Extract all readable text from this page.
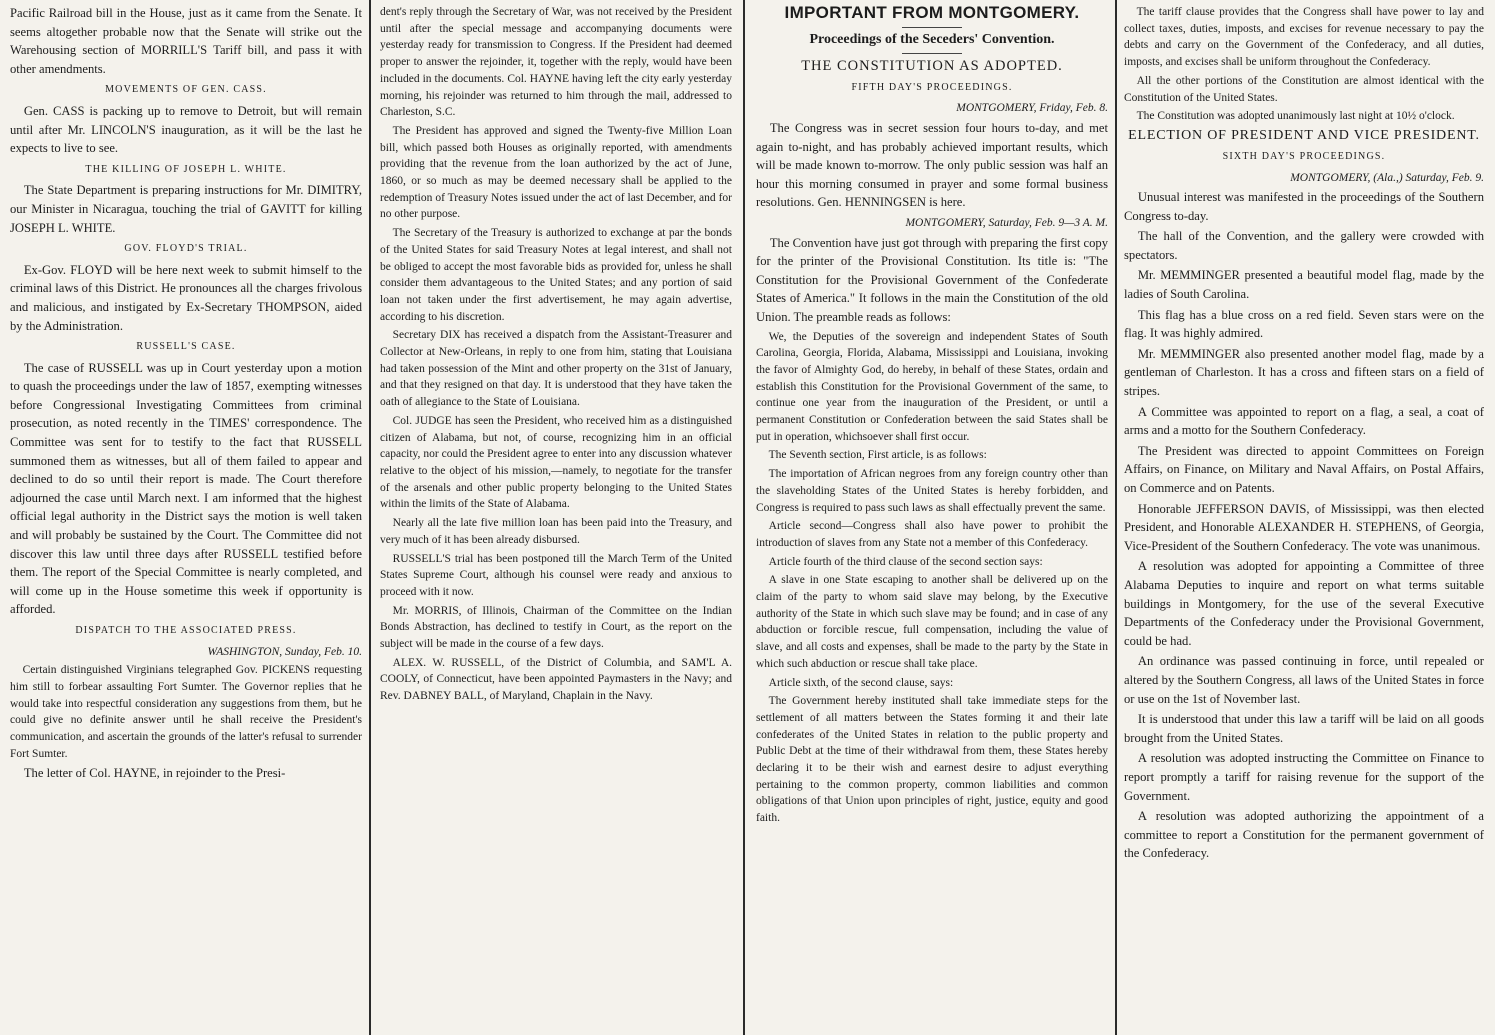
Pacific Railroad bill in the House, just as it came from the Senate. It seems altogether probable now that the Senate will strike out the Warehousing section of MORRILL'S Tariff bill, and pass it with other amendments.

MOVEMENTS OF GEN. CASS.

Gen. CASS is packing up to remove to Detroit, but will remain until after Mr. LINCOLN'S inauguration, as it will be the last he expects to live to see.

THE KILLING OF JOSEPH L. WHITE.

The State Department is preparing instructions for Mr. DIMITRY, our Minister in Nicaragua, touching the trial of GAVITT for killing JOSEPH L. WHITE.

GOV. FLOYD'S TRIAL.

Ex-Gov. FLOYD will be here next week to submit himself to the criminal laws of this District. He pronounces all the charges frivolous and malicious, and instigated by Ex-Secretary THOMPSON, aided by the Administration.

RUSSELL'S CASE.

The case of RUSSELL was up in Court yesterday upon a motion to quash the proceedings under the law of 1857, exempting witnesses before Congressional Investigating Committees from criminal prosecution, as noted recently in the TIMES' correspondence. The Committee was sent for to testify to the fact that RUSSELL summoned them as witnesses, but all of them failed to appear and declined to do so until their report is made. The Court therefore adjourned the case until March next. I am informed that the highest official legal authority in the District says the motion is well taken and will probably be sustained by the Court. The Committee did not discover this law until three days after RUSSELL testified before them. The report of the Special Committee is nearly completed, and will come up in the House sometime this week if opportunity is afforded.

DISPATCH TO THE ASSOCIATED PRESS.
WASHINGTON, Sunday, Feb. 10.

Certain distinguished Virginians telegraphed Gov. PICKENS requesting him still to forbear assaulting Fort Sumter. The Governor replies that he would take into respectful consideration any suggestions from them, but he could give no definite answer until he shall receive the President's communication, and ascertain the grounds of the latter's refusal to surrender Fort Sumter.

The letter of Col. HAYNE, in rejoinder to the Presi-

dent's reply through the Secretary of War, was not received by the President until after the special message and accompanying documents were yesterday ready for transmission to Congress. If the President had deemed proper to answer the rejoinder, it, together with the reply, would have been included in the documents. Col. HAYNE having left the city early yesterday morning, his rejoinder was returned to him through the mail, addressed to Charleston, S.C.

The President has approved and signed the Twenty-five Million Loan bill, which passed both Houses as originally reported, with amendments providing that the revenue from the loan authorized by the act of June, 1860, or so much as may be deemed necessary shall be applied to the redemption of Treasury Notes issued under the act of last December, and for no other purpose.

The Secretary of the Treasury is authorized to exchange at par the bonds of the United States for said Treasury Notes at legal interest, and shall not be obliged to accept the most favorable bids as provided for, unless he shall consider them advantageous to the United States; and any portion of said loan not taken under the first advertisement, he may again advertise, according to his discretion.

Secretary DIX has received a dispatch from the Assistant-Treasurer and Collector at New-Orleans, in reply to one from him, stating that Louisiana had taken possession of the Mint and other property on the 31st of January, and that they resigned on that day. It is understood that they have taken the oath of allegiance to the State of Louisiana.

Col. JUDGE has seen the President, who received him as a distinguished citizen of Alabama, but not, of course, recognizing him in an official capacity, nor could the President agree to enter into any discussion whatever relative to the object of his mission,—namely, to negotiate for the transfer of the arsenals and other public property belonging to the United States within the limits of the State of Alabama.

Nearly all the late five million loan has been paid into the Treasury, and very much of it has been already disbursed.

RUSSELL'S trial has been postponed till the March Term of the United States Supreme Court, although his counsel were ready and anxious to proceed with it now.

Mr. MORRIS, of Illinois, Chairman of the Committee on the Indian Bonds Abstraction, has declined to testify in Court, as the report on the subject will be made in the course of a few days.

ALEX. W. RUSSELL, of the District of Columbia, and SAM'L A. COOLY, of Connecticut, have been appointed Paymasters in the Navy; and Rev. DABNEY BALL, of Maryland, Chaplain in the Navy.

IMPORTANT FROM MONTGOMERY.
Proceedings of the Seceders' Convention.
THE CONSTITUTION AS ADOPTED.
FIFTH DAY'S PROCEEDINGS.
MONTGOMERY, Friday, Feb. 8.

The Congress was in secret session four hours to-day, and met again to-night, and has probably achieved important results, which will be made known to-morrow. The only public session was half an hour this morning consumed in prayer and some formal business resolutions. Gen. HENNINGSEN is here.

MONTGOMERY, Saturday, Feb. 9—3 A. M.

The Convention have just got through with preparing the first copy for the printer of the Provisional Constitution. Its title is: "The Constitution for the Provisional Government of the Confederate States of America." It follows in the main the Constitution of the old Union. The preamble reads as follows:

We, the Deputies of the sovereign and independent States of South Carolina, Georgia, Florida, Alabama, Mississippi and Louisiana, invoking the favor of Almighty God, do hereby, in behalf of these States, ordain and establish this Constitution for the Provisional Government of the same, to continue one year from the inauguration of the President, or until a permanent Constitution or Confederation between the said States shall be put in operation, whichsoever shall first occur.

The Seventh section, First article, is as follows:

The importation of African negroes from any foreign country other than the slaveholding States of the United States is hereby forbidden, and Congress is required to pass such laws as shall effectually prevent the same.

Article second—Congress shall also have power to prohibit the introduction of slaves from any State not a member of this Confederacy.

Article fourth of the third clause of the second section says:

A slave in one State escaping to another shall be delivered up on the claim of the party to whom said slave may belong, by the Executive authority of the State in which such slave may be found; and in case of any abduction or forcible rescue, full compensation, including the value of slave, and all costs and expenses, shall be made to the party by the State in which such abduction or rescue shall take place.

Article sixth, of the second clause, says:

The Government hereby instituted shall take immediate steps for the settlement of all matters between the States forming it and their late confederates of the United States in relation to the public property and Public Debt at the time of their withdrawal from them, these States hereby declaring it to be their wish and earnest desire to adjust everything pertaining to the common property, common liabilities and common obligations of that Union upon principles of right, justice, equity and good faith.

The tariff clause provides that the Congress shall have power to lay and collect taxes, duties, imposts, and excises for revenue necessary to pay the debts and carry on the Government of the Confederacy, and all duties, imposts, and excises shall be uniform throughout the Confederacy.

All the other portions of the Constitution are almost identical with the Constitution of the United States.

The Constitution was adopted unanimously last night at 10½ o'clock.

ELECTION OF PRESIDENT AND VICE PRESIDENT.
SIXTH DAY'S PROCEEDINGS.
MONTGOMERY, (Ala.,) Saturday, Feb. 9.

Unusual interest was manifested in the proceedings of the Southern Congress to-day.

The hall of the Convention, and the gallery were crowded with spectators.

Mr. MEMMINGER presented a beautiful model flag, made by the ladies of South Carolina.

This flag has a blue cross on a red field. Seven stars were on the flag. It was highly admired.

Mr. MEMMINGER also presented another model flag, made by a gentleman of Charleston. It has a cross and fifteen stars on a field of stripes.

A Committee was appointed to report on a flag, a seal, a coat of arms and a motto for the Southern Confederacy.

The President was directed to appoint Committees on Foreign Affairs, on Finance, on Military and Naval Affairs, on Postal Affairs, on Commerce and on Patents.

Honorable JEFFERSON DAVIS, of Mississippi, was then elected President, and Honorable ALEXANDER H. STEPHENS, of Georgia, Vice-President of the Southern Confederacy. The vote was unanimous.

A resolution was adopted for appointing a Committee of three Alabama Deputies to inquire and report on what terms suitable buildings in Montgomery, for the use of the several Executive Departments of the Confederacy under the Provisional Government, could be had.

An ordinance was passed continuing in force, until repealed or altered by the Southern Congress, all laws of the United States in force or use on the 1st of November last.

It is understood that under this law a tariff will be laid on all goods brought from the United States.

A resolution was adopted instructing the Committee on Finance to report promptly a tariff for raising revenue for the support of the Government.

A resolution was adopted authorizing the appointment of a committee to report a Constitution for the permanent government of the Confederacy.
